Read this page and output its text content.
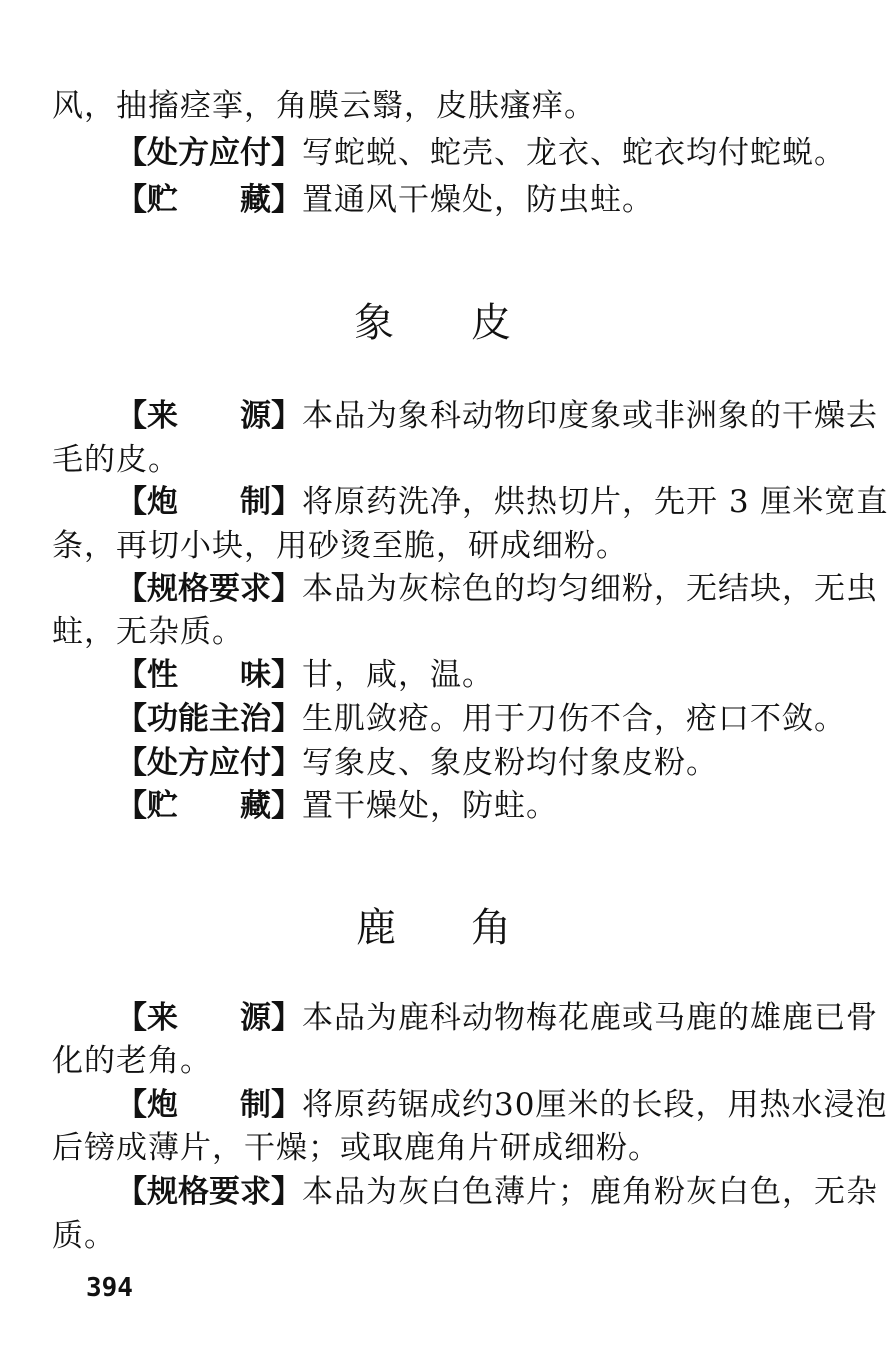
风，抽搐痉挛，角膜云翳，皮肤瘙痒。
【处方应付】写蛇蜕、蛇壳、龙衣、蛇衣均付蛇蜕。
【贮　　藏】置通风干燥处，防虫蛀。
象 皮
【来　　源】本品为象科动物印度象或非洲象的干燥去
毛的皮。
【炮　　制】将原药洗净，烘热切片，先开 3 厘米宽直
条，再切小块，用砂烫至脆，研成细粉。
【规格要求】本品为灰棕色的均匀细粉，无结块，无虫
蛀，无杂质。
【性　　味】甘，咸，温。
【功能主治】生肌敛疮。用于刀伤不合，疮口不敛。
【处方应付】写象皮、象皮粉均付象皮粉。
【贮　　藏】置干燥处，防蛀。
鹿 角
【来　　源】本品为鹿科动物梅花鹿或马鹿的雄鹿已骨
化的老角。
【炮　　制】将原药锯成约30厘米的长段，用热水浸泡
后镑成薄片，干燥；或取鹿角片研成细粉。
【规格要求】本品为灰白色薄片；鹿角粉灰白色，无杂
质。
394
